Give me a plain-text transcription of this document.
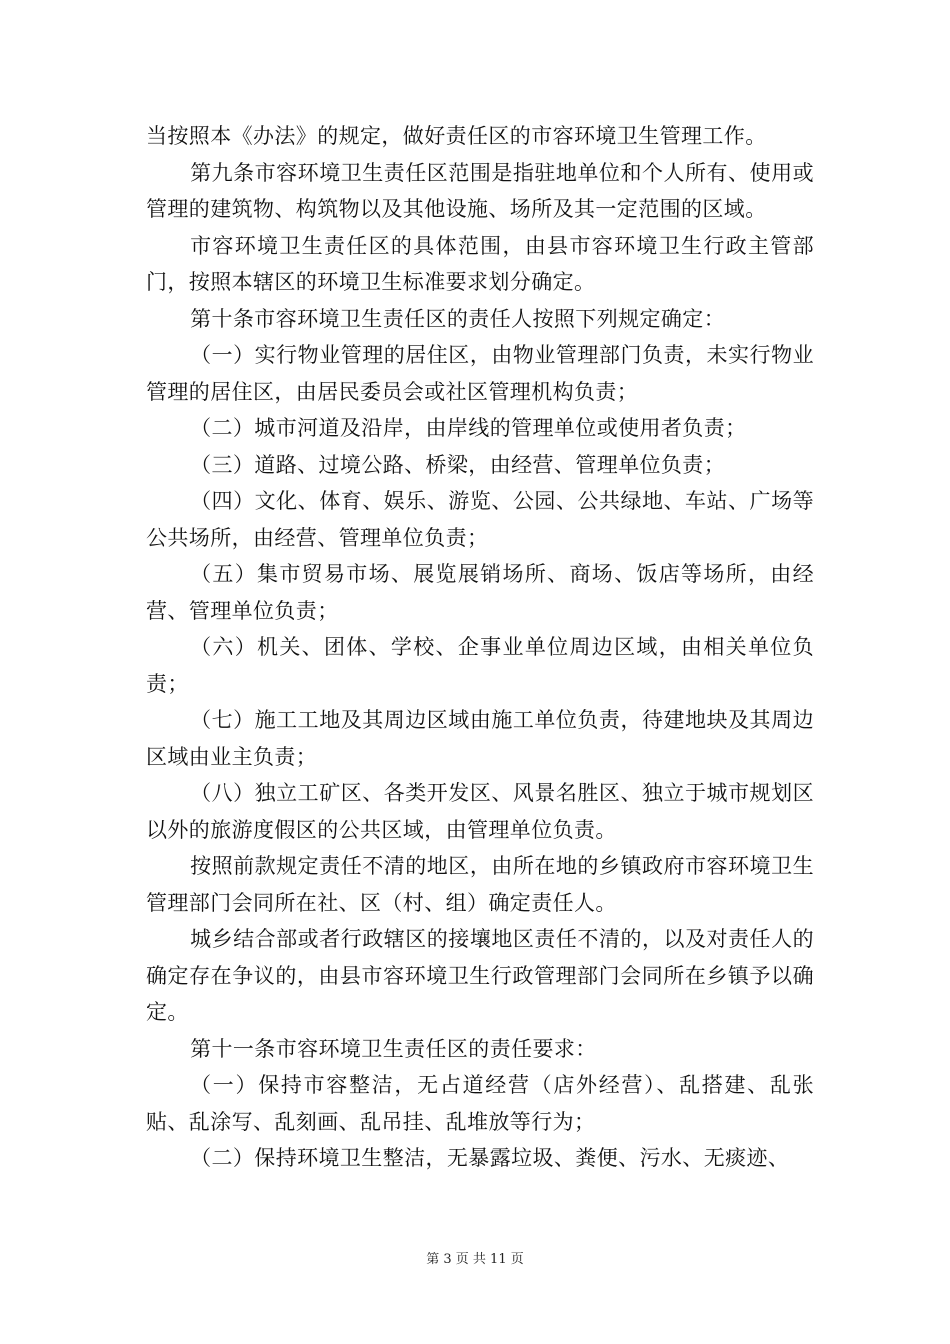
当按照本《办法》的规定，做好责任区的市容环境卫生管理工作。

第九条市容环境卫生责任区范围是指驻地单位和个人所有、使用或管理的建筑物、构筑物以及其他设施、场所及其一定范围的区域。

市容环境卫生责任区的具体范围，由县市容环境卫生行政主管部门，按照本辖区的环境卫生标准要求划分确定。

第十条市容环境卫生责任区的责任人按照下列规定确定：

（一）实行物业管理的居住区，由物业管理部门负责，未实行物业管理的居住区，由居民委员会或社区管理机构负责；

（二）城市河道及沿岸，由岸线的管理单位或使用者负责；

（三）道路、过境公路、桥梁，由经营、管理单位负责；

（四）文化、体育、娱乐、游览、公园、公共绿地、车站、广场等公共场所，由经营、管理单位负责；

（五）集市贸易市场、展览展销场所、商场、饭店等场所，由经营、管理单位负责；

（六）机关、团体、学校、企事业单位周边区域，由相关单位负责；

（七）施工工地及其周边区域由施工单位负责，待建地块及其周边区域由业主负责；

（八）独立工矿区、各类开发区、风景名胜区、独立于城市规划区以外的旅游度假区的公共区域，由管理单位负责。

按照前款规定责任不清的地区，由所在地的乡镇政府市容环境卫生管理部门会同所在社、区（村、组）确定责任人。

城乡结合部或者行政辖区的接壤地区责任不清的，以及对责任人的确定存在争议的，由县市容环境卫生行政管理部门会同所在乡镇予以确定。

第十一条市容环境卫生责任区的责任要求：

（一）保持市容整洁，无占道经营（店外经营）、乱搭建、乱张贴、乱涂写、乱刻画、乱吊挂、乱堆放等行为；

（二）保持环境卫生整洁，无暴露垃圾、粪便、污水、无痰迹、

第 3 页 共 11 页
